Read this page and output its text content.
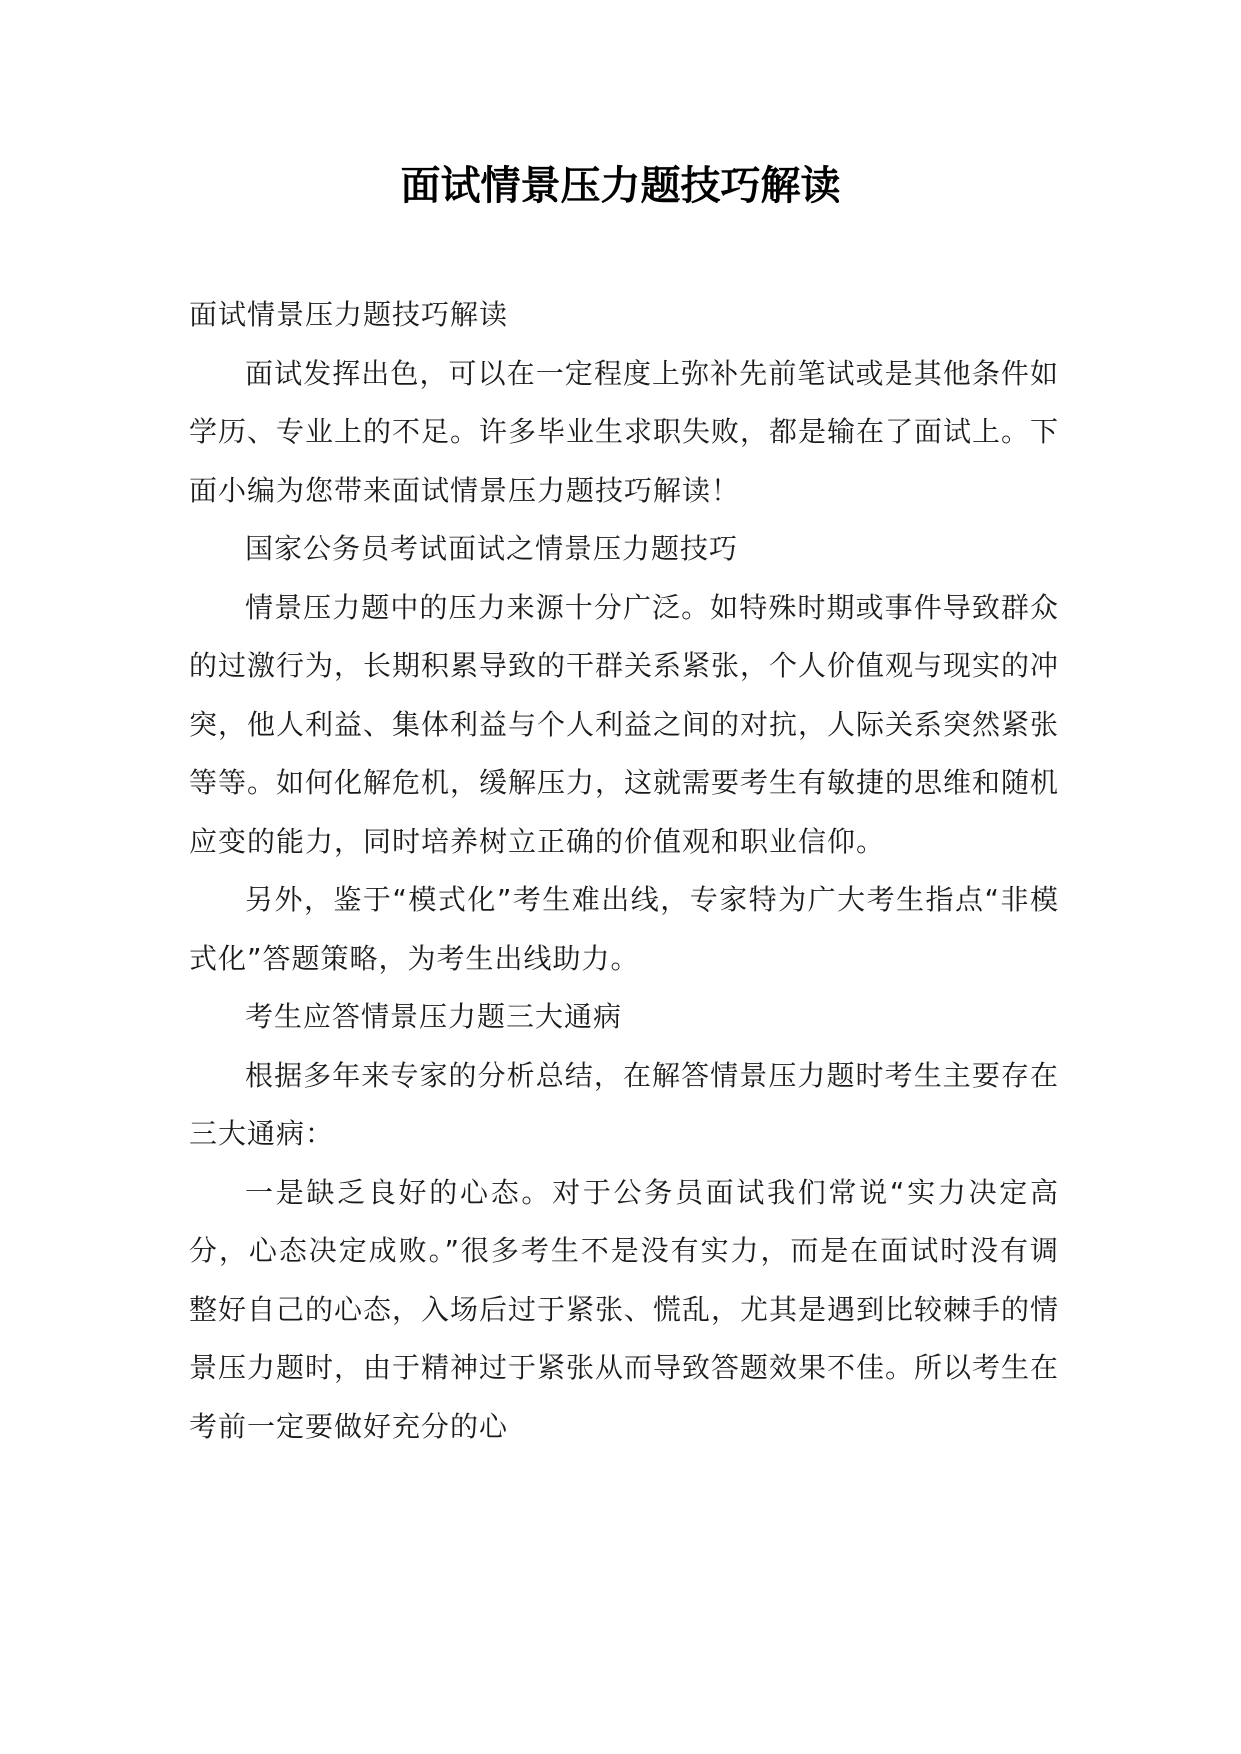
面试情景压力题技巧解读

面试情景压力题技巧解读

面试发挥出色，可以在一定程度上弥补先前笔试或是其他条件如学历、专业上的不足。许多毕业生求职失败，都是输在了面试上。下面小编为您带来面试情景压力题技巧解读！

国家公务员考试面试之情景压力题技巧

情景压力题中的压力来源十分广泛。如特殊时期或事件导致群众的过激行为，长期积累导致的干群关系紧张，个人价值观与现实的冲突，他人利益、集体利益与个人利益之间的对抗，人际关系突然紧张等等。如何化解危机，缓解压力，这就需要考生有敏捷的思维和随机应变的能力，同时培养树立正确的价值观和职业信仰。

另外，鉴于“模式化”考生难出线，专家特为广大考生指点“非模式化”答题策略，为考生出线助力。

考生应答情景压力题三大通病

根据多年来专家的分析总结，在解答情景压力题时考生主要存在三大通病：

一是缺乏良好的心态。对于公务员面试我们常说“实力决定高分，心态决定成败。”很多考生不是没有实力，而是在面试时没有调整好自己的心态，入场后过于紧张、慌乱，尤其是遇到比较棘手的情景压力题时，由于精神过于紧张从而导致答题效果不佳。所以考生在考前一定要做好充分的心
